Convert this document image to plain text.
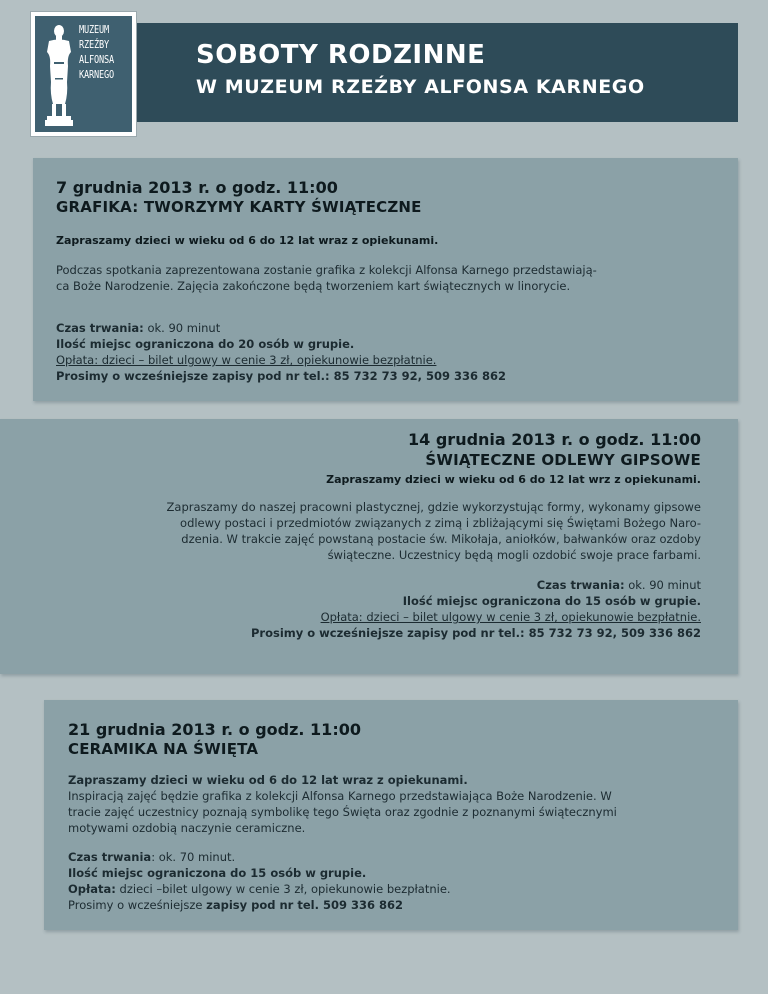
MUZEUM
RZEŹBY
ALFONSA
KARNEGO
SOBOTY RODZINNE
W MUZEUM RZEŹBY ALFONSA KARNEGO
7 grudnia 2013 r. o godz. 11:00
GRAFIKA: TWORZYMY KARTY ŚWIĄTECZNE
Zapraszamy dzieci w wieku od 6 do 12 lat wraz z opiekunami.
Podczas spotkania zaprezentowana zostanie grafika z kolekcji Alfonsa Karnego przedstawiają-
ca Boże Narodzenie. Zajęcia zakończone będą tworzeniem kart świątecznych w linorycie.
Czas trwania: ok. 90 minut
Ilość miejsc ograniczona do 20 osób w grupie.
Opłata: dzieci – bilet ulgowy w cenie 3 zł, opiekunowie bezpłatnie.
Prosimy o wcześniejsze zapisy pod nr tel.: 85 732 73 92, 509 336 862
14 grudnia 2013 r. o godz. 11:00
ŚWIĄTECZNE ODLEWY GIPSOWE
Zapraszamy dzieci w wieku od 6 do 12 lat wrz z opiekunami.
Zapraszamy do naszej pracowni plastycznej, gdzie wykorzystując formy, wykonamy gipsowe
odlewy postaci i przedmiotów związanych z zimą i zbliżającymi się Świętami Bożego Naro-
dzenia. W trakcie zajęć powstaną postacie św. Mikołaja, aniołków, bałwanków oraz ozdoby
świąteczne. Uczestnicy będą mogli ozdobić swoje prace farbami.
Czas trwania: ok. 90 minut
Ilość miejsc ograniczona do 15 osób w grupie.
Opłata: dzieci – bilet ulgowy w cenie 3 zł, opiekunowie bezpłatnie.
Prosimy o wcześniejsze zapisy pod nr tel.: 85 732 73 92, 509 336 862
21 grudnia 2013 r. o godz. 11:00
CERAMIKA NA ŚWIĘTA
Zapraszamy dzieci w wieku od 6 do 12 lat wraz z opiekunami.
Inspiracją zajęć będzie grafika z kolekcji Alfonsa Karnego przedstawiająca Boże Narodzenie. W
tracie zajęć uczestnicy poznają symbolikę tego Święta oraz zgodnie z poznanymi świątecznymi
motywami ozdobią naczynie ceramiczne.
Czas trwania: ok. 70 minut.
Ilość miejsc ograniczona do 15 osób w grupie.
Opłata: dzieci –bilet ulgowy w cenie 3 zł, opiekunowie bezpłatnie.
Prosimy o wcześniejsze zapisy pod nr tel. 509 336 862
